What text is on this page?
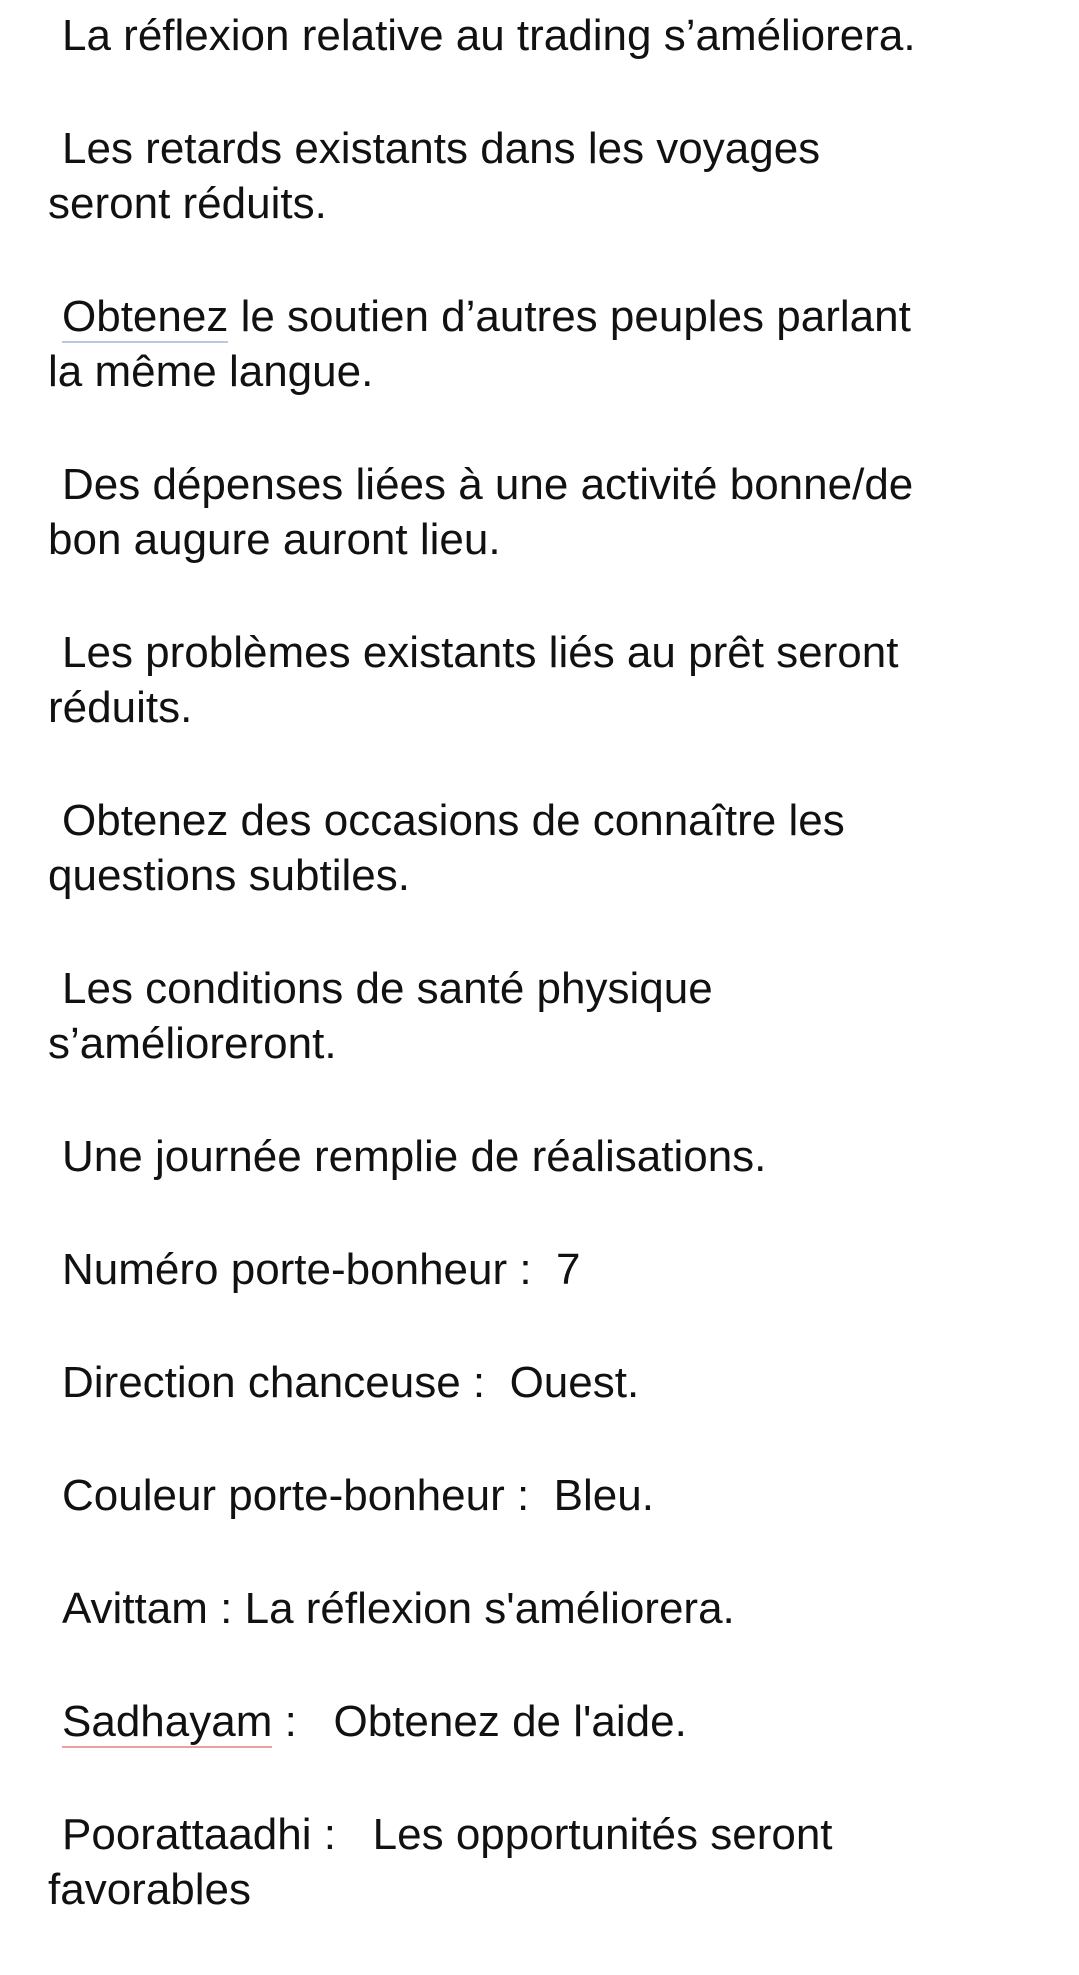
La réflexion relative au trading s’améliorera.

Les retards existants dans les voyages
seront réduits.

Obtenez le soutien d’autres peuples parlant
la même langue.

Des dépenses liées à une activité bonne/de
bon augure auront lieu.

Les problèmes existants liés au prêt seront
réduits.

Obtenez des occasions de connaître les
questions subtiles.

Les conditions de santé physique
s’amélioreront.

Une journée remplie de réalisations.

Numéro porte-bonheur : 7

Direction chanceuse : Ouest.

Couleur porte-bonheur : Bleu.

Avittam : La réflexion s'améliorera.

Sadhayam : Obtenez de l'aide.

Poorattaadhi : Les opportunités seront
favorables
